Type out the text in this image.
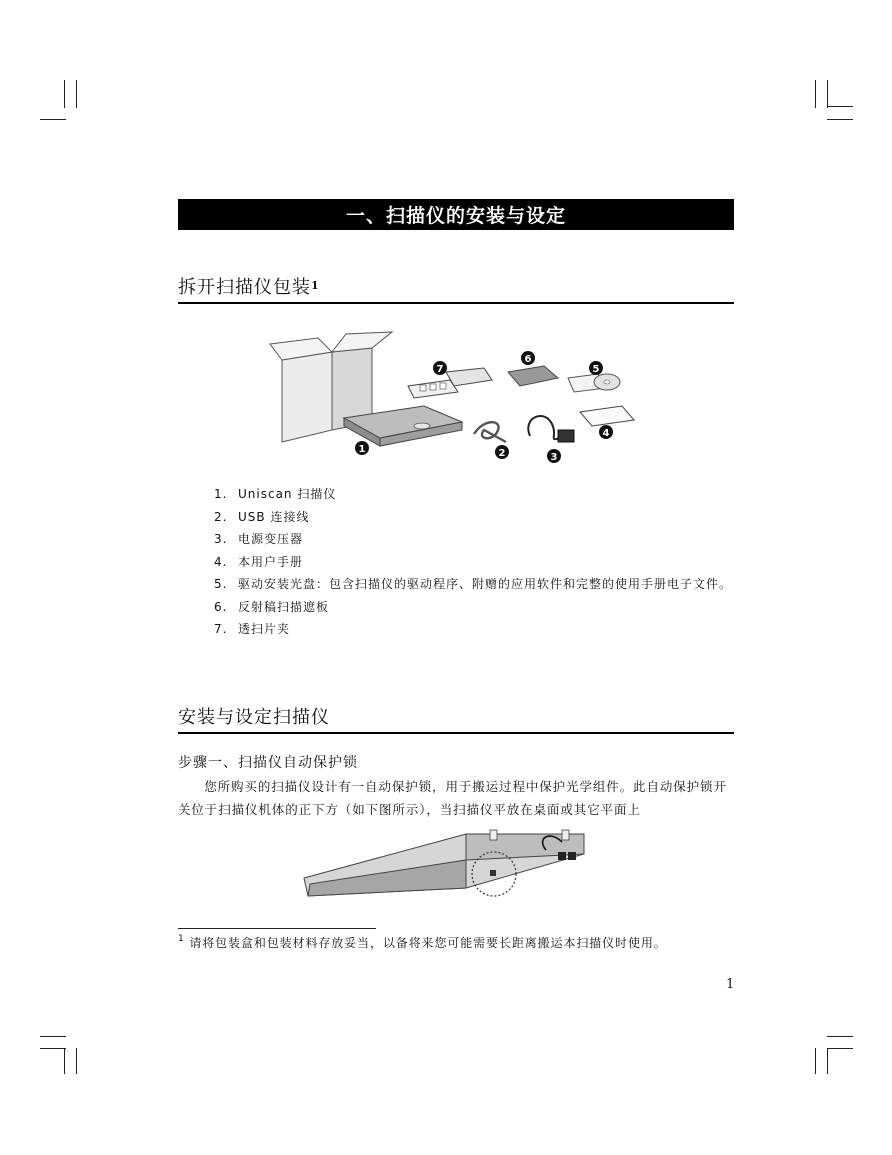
一、扫描仪的安装与设定
拆开扫描仪包装$^1$
1	2	3
4
5
6
7
1. Uniscan 扫描仪
2. USB 连接线
3. 电源变压器
4. 本用户手册
5. 驱动安装光盘：包含扫描仪的驱动程序、附赠的应用软件和完整的使用手册电子文件。
6. 反射稿扫描遮板
7. 透扫片夹
安装与设定扫描仪
步骤一、扫描仪自动保护锁

您所购买的扫描仪设计有一自动保护锁，用于搬运过程中保护光学组件。此自动保护锁开关位于扫描仪机体的正下方（如下图所示），当扫描仪平放在桌面或其它平面上

$^1$ 请将包装盒和包装材料存放妥当，以备将来您可能需要长距离搬运本扫描仪时使用。

1
